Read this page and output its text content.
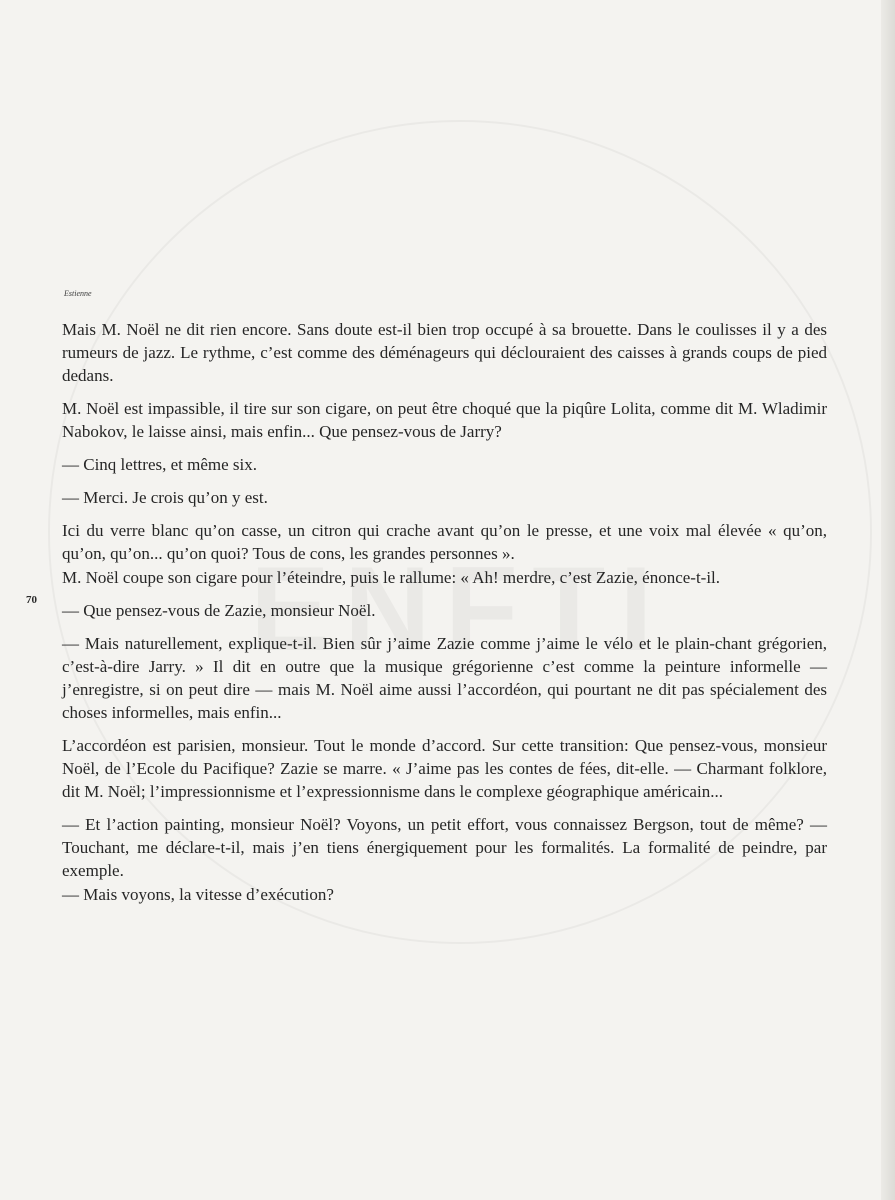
Estienne
70

Mais M. Noël ne dit rien encore. Sans doute est-il bien trop occupé à sa brouette. Dans le coulisses il y a des rumeurs de jazz. Le rythme, c’est comme des déménageurs qui déclouraient des caisses à grands coups de pied dedans.

M. Noël est impassible, il tire sur son cigare, on peut être choqué que la piqûre Lolita, comme dit M. Wladimir Nabokov, le laisse ainsi, mais enfin... Que pensez-vous de Jarry?

— Cinq lettres, et même six.

— Merci. Je crois qu’on y est.

Ici du verre blanc qu’on casse, un citron qui crache avant qu’on le presse, et une voix mal élevée « qu’on, qu’on, qu’on... qu’on quoi? Tous de cons, les grandes personnes ».

M. Noël coupe son cigare pour l’éteindre, puis le rallume: « Ah! merdre, c’est Zazie, énonce-t-il.

— Que pensez-vous de Zazie, monsieur Noël.

— Mais naturellement, explique-t-il. Bien sûr j’aime Zazie comme j’aime le vélo et le plain-chant grégorien, c’est-à-dire Jarry. » Il dit en outre que la musique grégorienne c’est comme la peinture informelle — j’enregistre, si on peut dire — mais M. Noël aime aussi l’accordéon, qui pourtant ne dit pas spécialement des choses informelles, mais enfin...

L’accordéon est parisien, monsieur. Tout le monde d’accord. Sur cette transition: Que pensez-vous, monsieur Noël, de l’Ecole du Pacifique? Zazie se marre. « J’aime pas les contes de fées, dit-elle. — Charmant folklore, dit M. Noël; l’impressionnisme et l’expressionnisme dans le complexe géographique américain...

— Et l’action painting, monsieur Noël? Voyons, un petit effort, vous connaissez Bergson, tout de même? — Touchant, me déclare-t-il, mais j’en tiens énergiquement pour les formalités. La formalité de peindre, par exemple.

— Mais voyons, la vitesse d’exécution?
